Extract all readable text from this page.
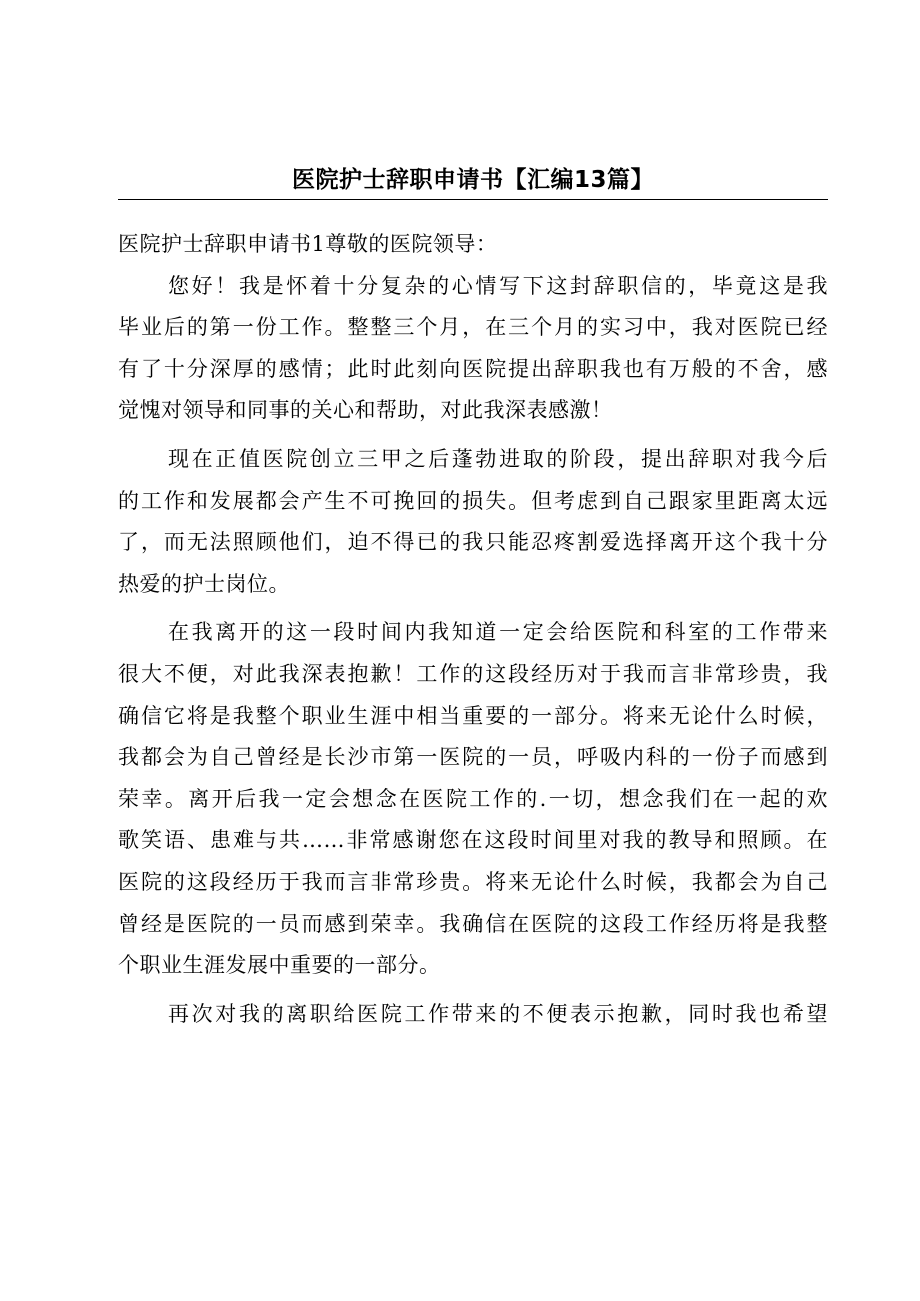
医院护士辞职申请书【汇编13篇】
医院护士辞职申请书1尊敬的医院领导：
您好！我是怀着十分复杂的心情写下这封辞职信的，毕竟这是我
毕业后的第一份工作。整整三个月，在三个月的实习中，我对医院已经
有了十分深厚的感情；此时此刻向医院提出辞职我也有万般的不舍，感
觉愧对领导和同事的关心和帮助，对此我深表感激！
现在正值医院创立三甲之后蓬勃进取的阶段，提出辞职对我今后
的工作和发展都会产生不可挽回的损失。但考虑到自己跟家里距离太远
了，而无法照顾他们，迫不得已的我只能忍疼割爱选择离开这个我十分
热爱的护士岗位。
在我离开的这一段时间内我知道一定会给医院和科室的工作带来
很大不便，对此我深表抱歉！工作的这段经历对于我而言非常珍贵，我
确信它将是我整个职业生涯中相当重要的一部分。将来无论什么时候，
我都会为自己曾经是长沙市第一医院的一员，呼吸内科的一份子而感到
荣幸。离开后我一定会想念在医院工作的.一切，想念我们在一起的欢
歌笑语、患难与共……非常感谢您在这段时间里对我的教导和照顾。在
医院的这段经历于我而言非常珍贵。将来无论什么时候，我都会为自己
曾经是医院的一员而感到荣幸。我确信在医院的这段工作经历将是我整
个职业生涯发展中重要的一部分。
再次对我的离职给医院工作带来的不便表示抱歉，同时我也希望
